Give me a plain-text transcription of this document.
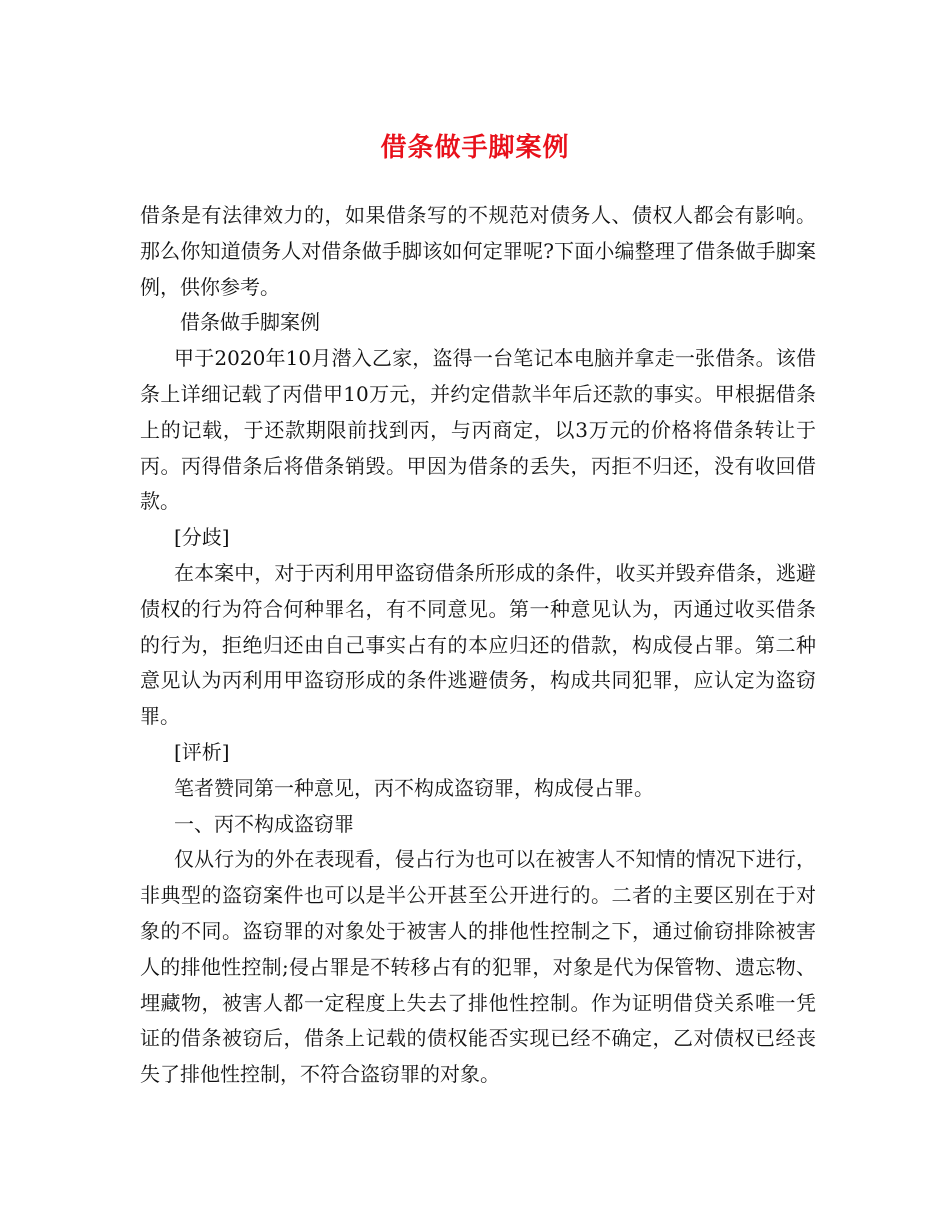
借条做手脚案例

借条是有法律效力的，如果借条写的不规范对债务人、债权人都会有影响。那么你知道债务人对借条做手脚该如何定罪呢?下面小编整理了借条做手脚案例，供你参考。

借条做手脚案例

甲于2020年10月潜入乙家，盗得一台笔记本电脑并拿走一张借条。该借条上详细记载了丙借甲10万元，并约定借款半年后还款的事实。甲根据借条上的记载，于还款期限前找到丙，与丙商定，以3万元的价格将借条转让于丙。丙得借条后将借条销毁。甲因为借条的丢失，丙拒不归还，没有收回借款。

[分歧]

在本案中，对于丙利用甲盗窃借条所形成的条件，收买并毁弃借条，逃避债权的行为符合何种罪名，有不同意见。第一种意见认为，丙通过收买借条的行为，拒绝归还由自己事实占有的本应归还的借款，构成侵占罪。第二种意见认为丙利用甲盗窃形成的条件逃避债务，构成共同犯罪，应认定为盗窃罪。

[评析]

笔者赞同第一种意见，丙不构成盗窃罪，构成侵占罪。

一、丙不构成盗窃罪

仅从行为的外在表现看，侵占行为也可以在被害人不知情的情况下进行，非典型的盗窃案件也可以是半公开甚至公开进行的。二者的主要区别在于对象的不同。盗窃罪的对象处于被害人的排他性控制之下，通过偷窃排除被害人的排他性控制;侵占罪是不转移占有的犯罪，对象是代为保管物、遗忘物、埋藏物，被害人都一定程度上失去了排他性控制。作为证明借贷关系唯一凭证的借条被窃后，借条上记载的债权能否实现已经不确定，乙对债权已经丧失了排他性控制，不符合盗窃罪的对象。
